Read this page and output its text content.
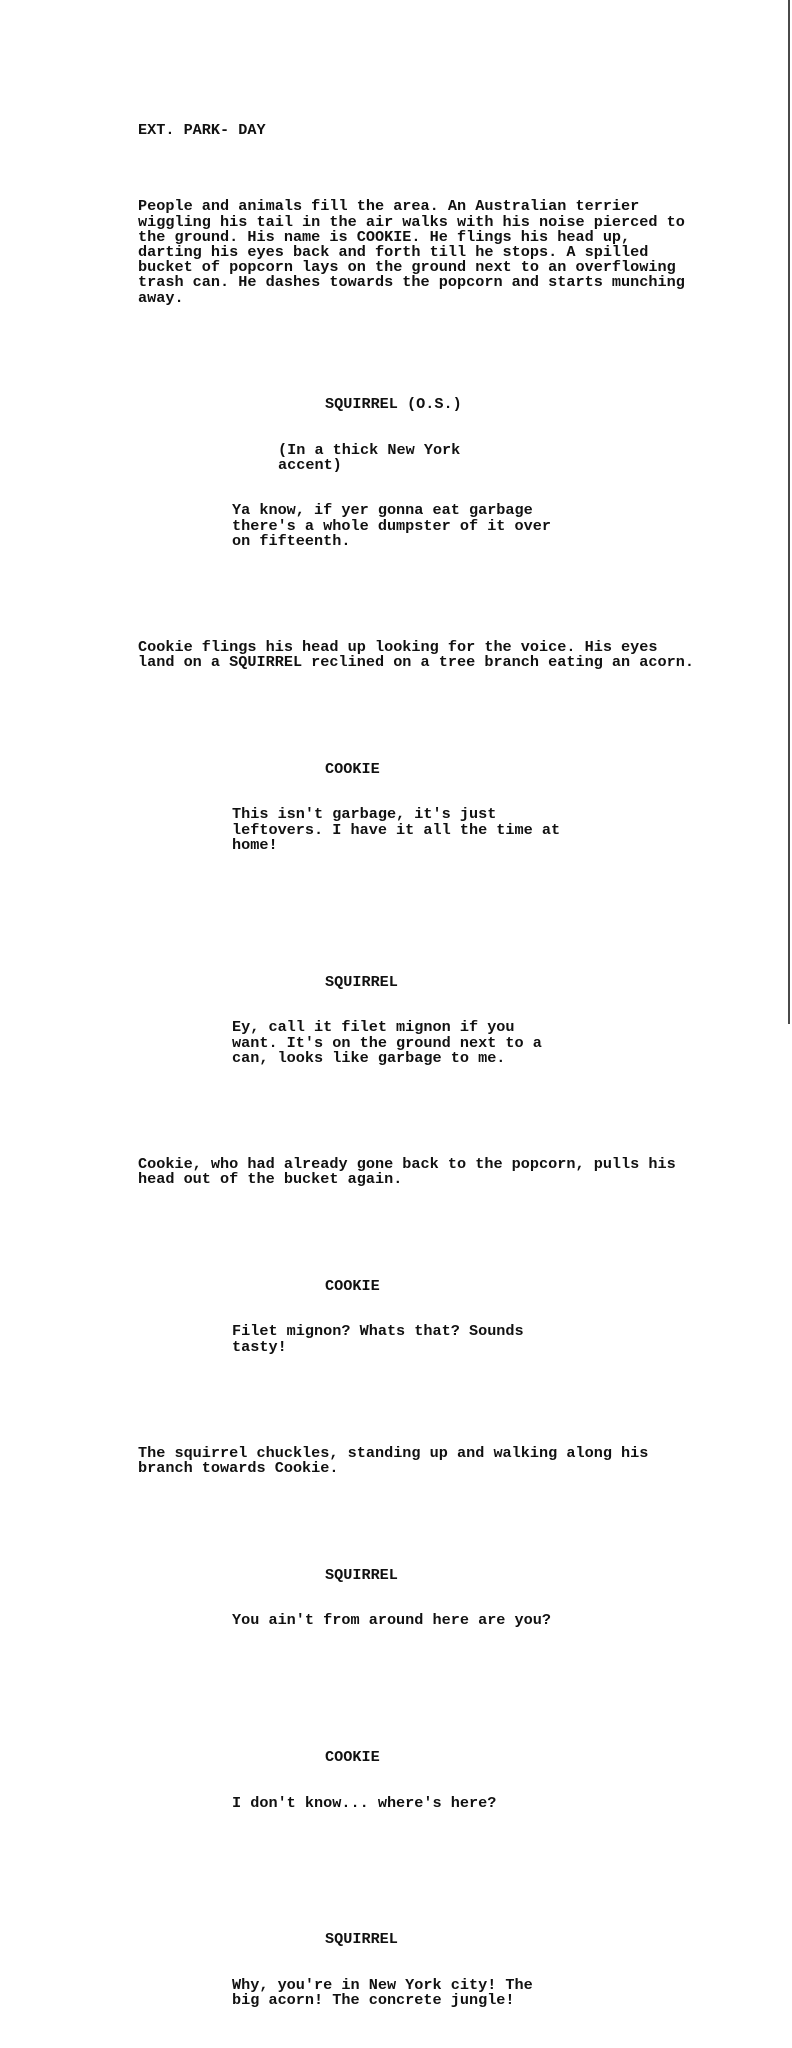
EXT. PARK- DAY

People and animals fill the area. An Australian terrier wiggling his tail in the air walks with his noise pierced to the ground. His name is COOKIE. He flings his head up, darting his eyes back and forth till he stops. A spilled bucket of popcorn lays on the ground next to an overflowing trash can. He dashes towards the popcorn and starts munching away.

SQUIRREL (O.S.)

(In a thick New York accent)

Ya know, if yer gonna eat garbage there's a whole dumpster of it over on fifteenth.

Cookie flings his head up looking for the voice. His eyes land on a SQUIRREL reclined on a tree branch eating an acorn.

COOKIE

This isn't garbage, it's just leftovers. I have it all the time at home!

SQUIRREL

Ey, call it filet mignon if you want. It's on the ground next to a can, looks like garbage to me.

Cookie, who had already gone back to the popcorn, pulls his head out of the bucket again.

COOKIE

Filet mignon? Whats that? Sounds tasty!

The squirrel chuckles, standing up and walking along his branch towards Cookie.

SQUIRREL

You ain't from around here are you?

COOKIE

I don't know... where's here?

SQUIRREL

Why, you're in New York city! The big acorn! The concrete jungle!
